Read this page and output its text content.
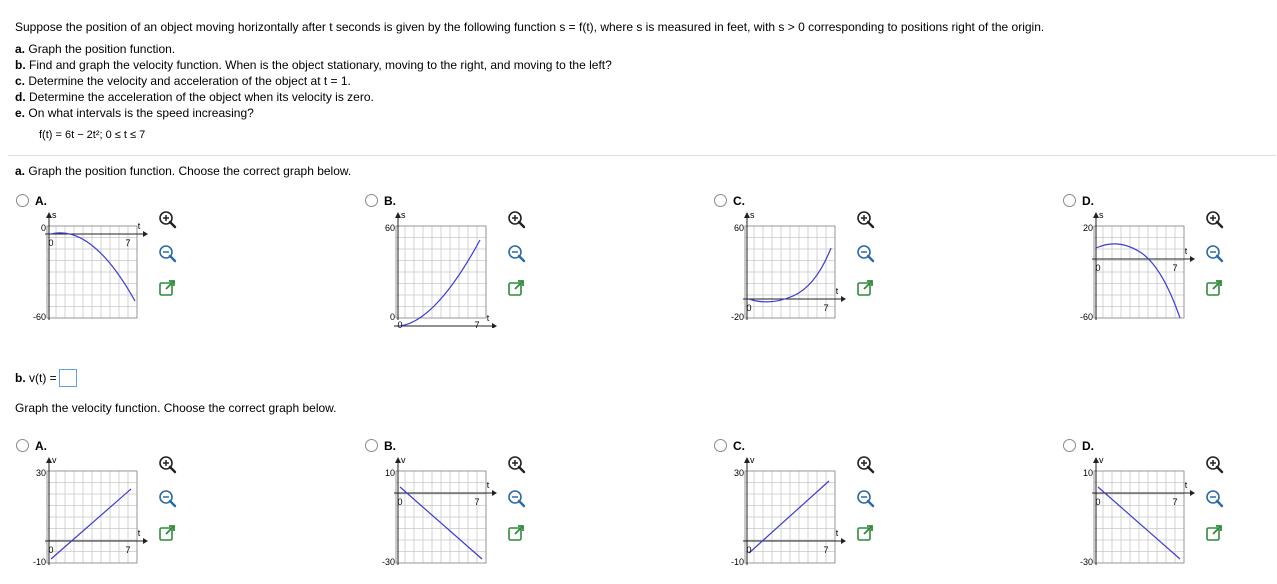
Suppose the position of an object moving horizontally after t seconds is given by the following function s = f(t), where s is measured in feet, with s > 0 corresponding to positions right of the origin.
a. Graph the position function.
b. Find and graph the velocity function. When is the object stationary, moving to the right, and moving to the left?
c. Determine the velocity and acceleration of the object at t = 1.
d. Determine the acceleration of the object when its velocity is zero.
e. On what intervals is the speed increasing?
f(t) = 6t − 2t²; 0 ≤ t ≤ 7
a. Graph the position function. Choose the correct graph below.
b. v(t) =
Graph the velocity function. Choose the correct graph below.
A.
s
0
-60
t
0	7
B.
s
60
0	t
0	7
C.
s
60
-20
t
0	7
D.
s
20
-60
t
0	7
A.
v
30
-10
t
0	7
B.
v
10
-30
t
0	7
C.
v
30
-10
t
0	7
D.
v
10
-30
t
0	7
